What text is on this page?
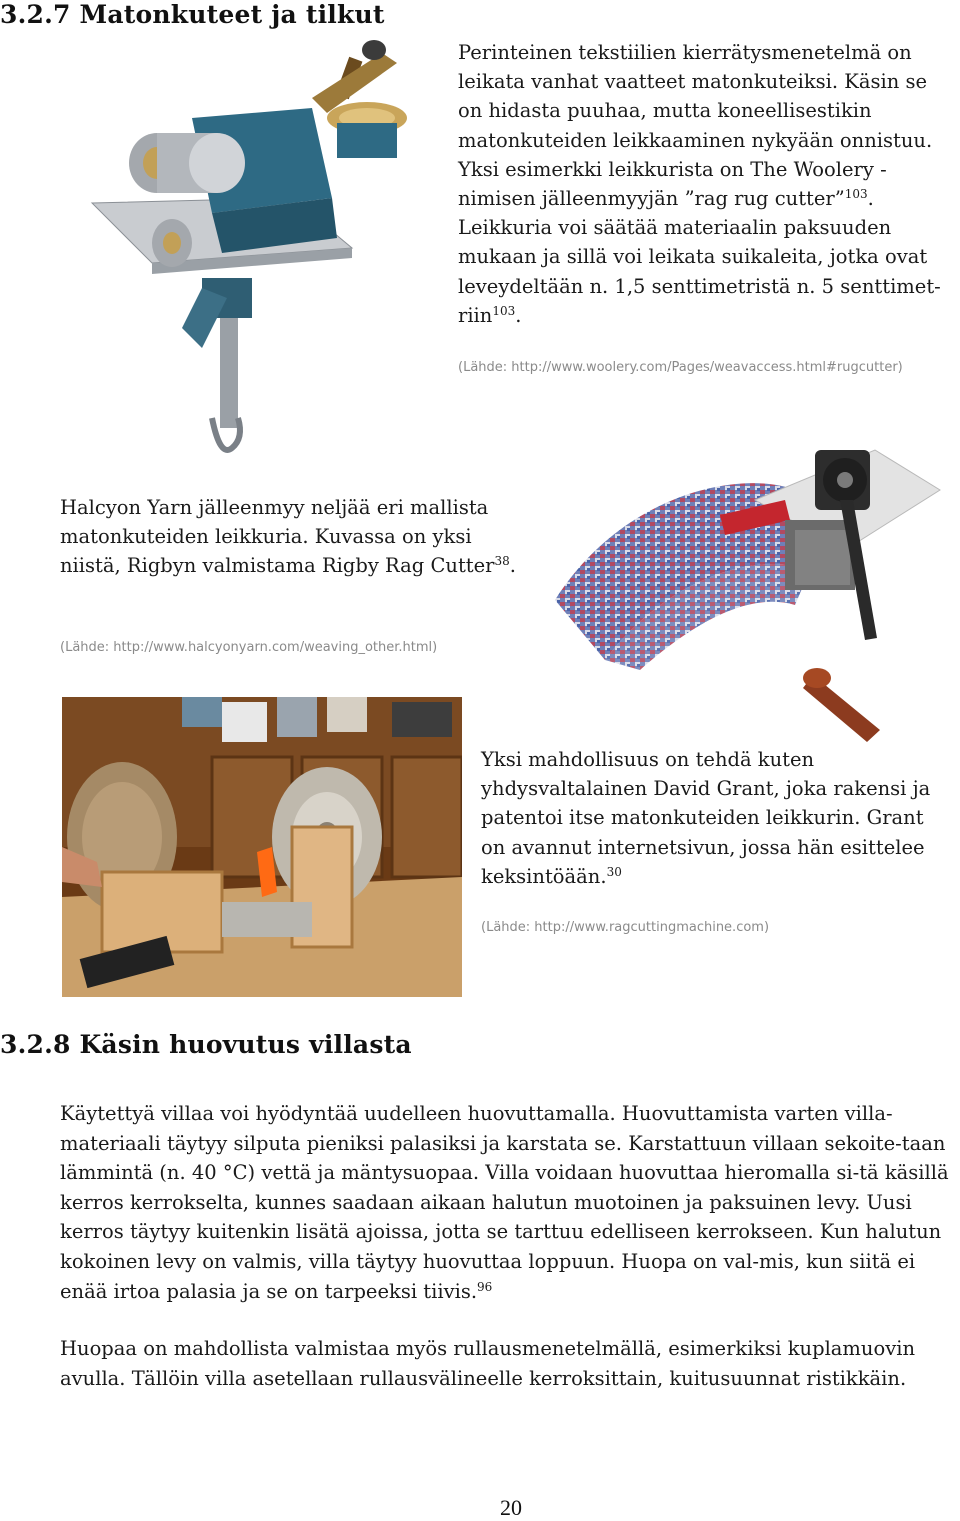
3.2.7 Matonkuteet ja tilkut

Perinteinen tekstiilien kierrätysmenetelmä on leikata vanhat vaatteet matonkuteiksi. Käsin se on hidasta puuhaa, mutta koneellisestikin matonkuteiden leikkaaminen nykyään onnistuu. Yksi esimerkki leikkurista on The Woolery -nimisen jälleenmyyjän ”rag rug cutter”$^{103}$. Leikkuria voi säätää materiaalin paksuuden mukaan ja sillä voi leikata suikaleita, jotka ovat leveydeltään n. 1,5 senttimetristä n. 5 senttimet-riin$^{103}$.

(Lähde: http://www.woolery.com/Pages/weavaccess.html#rugcutter)

Halcyon Yarn jälleenmyy neljää eri mallista matonkuteiden leikkuria. Kuvassa on yksi niistä, Rigbyn valmistama Rigby Rag Cutter$^{38}$.

(Lähde: http://www.halcyonyarn.com/weaving_other.html)

Yksi mahdollisuus on tehdä kuten yhdysvaltalainen David Grant, joka rakensi ja patentoi itse matonkuteiden leikkurin. Grant on avannut internetsivun, jossa hän esittelee keksintöään.$^{30}$

(Lähde: http://www.ragcuttingmachine.com)

3.2.8 Käsin huovutus villasta

Käytettyä villaa voi hyödyntää uudelleen huovuttamalla. Huovuttamista varten villa-materiaali täytyy silputa pieniksi palasiksi ja karstata se. Karstattuun villaan sekoite-taan lämmintä (n. 40 °C) vettä ja mäntysuopaa. Villa voidaan huovuttaa hieromalla si-tä käsillä kerros kerrokselta, kunnes saadaan aikaan halutun muotoinen ja paksuinen levy. Uusi kerros täytyy kuitenkin lisätä ajoissa, jotta se tarttuu edelliseen kerrokseen. Kun halutun kokoinen levy on valmis, villa täytyy huovuttaa loppuun. Huopa on val-mis, kun siitä ei enää irtoa palasia ja se on tarpeeksi tiivis.$^{96}$

Huopaa on mahdollista valmistaa myös rullausmenetelmällä, esimerkiksi kuplamuovin avulla. Tällöin villa asetellaan rullausvälineelle kerroksittain, kuitusuunnat ristikkäin.

20
